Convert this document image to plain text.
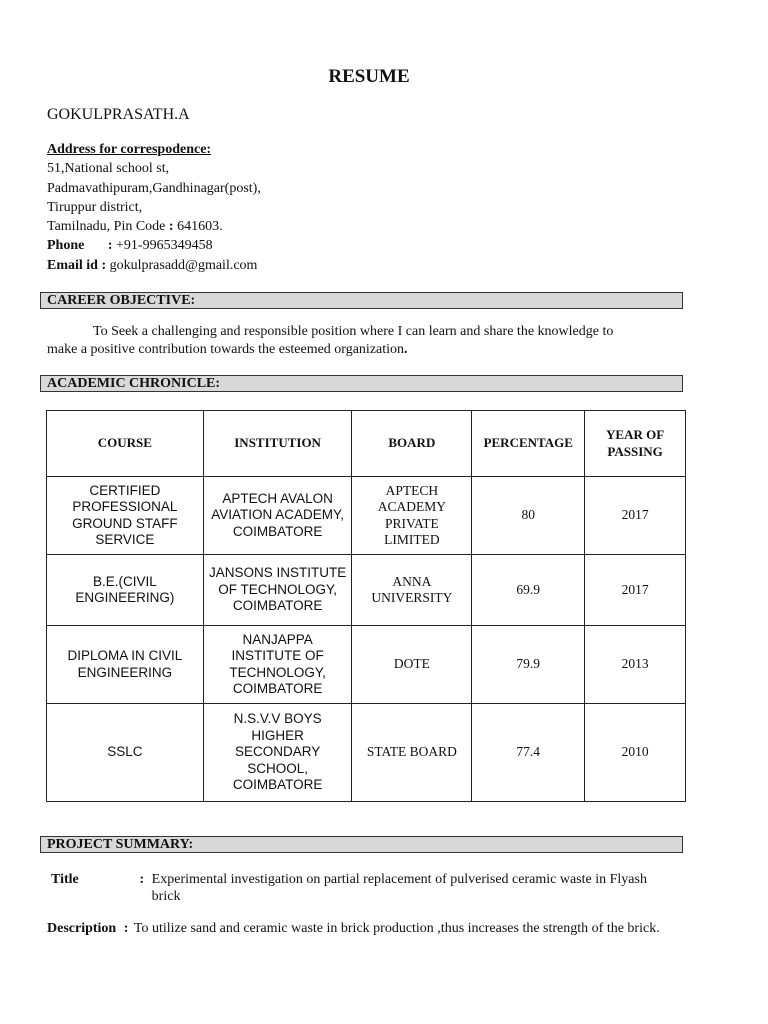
RESUME
GOKULPRASATH.A
Address for correspodence:
51,National school st,
Padmavathipuram,Gandhinagar(post),
Tiruppur district,
Tamilnadu, Pin Code : 641603.
Phone : +91-9965349458
Email id : gokulprasadd@gmail.com
CAREER OBJECTIVE:
To Seek a challenging and responsible position where I can learn and share the knowledge to
make a positive contribution towards the esteemed organization.
ACADEMIC CHRONICLE:
COURSE	INSTITUTION	BOARD	PERCENTAGE	YEAR OF PASSING
CERTIFIED PROFESSIONAL GROUND STAFF SERVICE	APTECH AVALON AVIATION ACADEMY, COIMBATORE	APTECH ACADEMY PRIVATE LIMITED	80	2017
B.E.(CIVIL ENGINEERING)	JANSONS INSTITUTE OF TECHNOLOGY, COIMBATORE	ANNA UNIVERSITY	69.9	2017
DIPLOMA IN CIVIL ENGINEERING	NANJAPPA INSTITUTE OF TECHNOLOGY, COIMBATORE	DOTE	79.9	2013
SSLC	N.S.V.V BOYS HIGHER SECONDARY SCHOOL, COIMBATORE	STATE BOARD	77.4	2010
PROJECT SUMMARY:
Title	: Experimental investigation on partial replacement of pulverised ceramic waste in Flyash brick
Description : To utilize sand and ceramic waste in brick production ,thus increases the strength of the brick.
